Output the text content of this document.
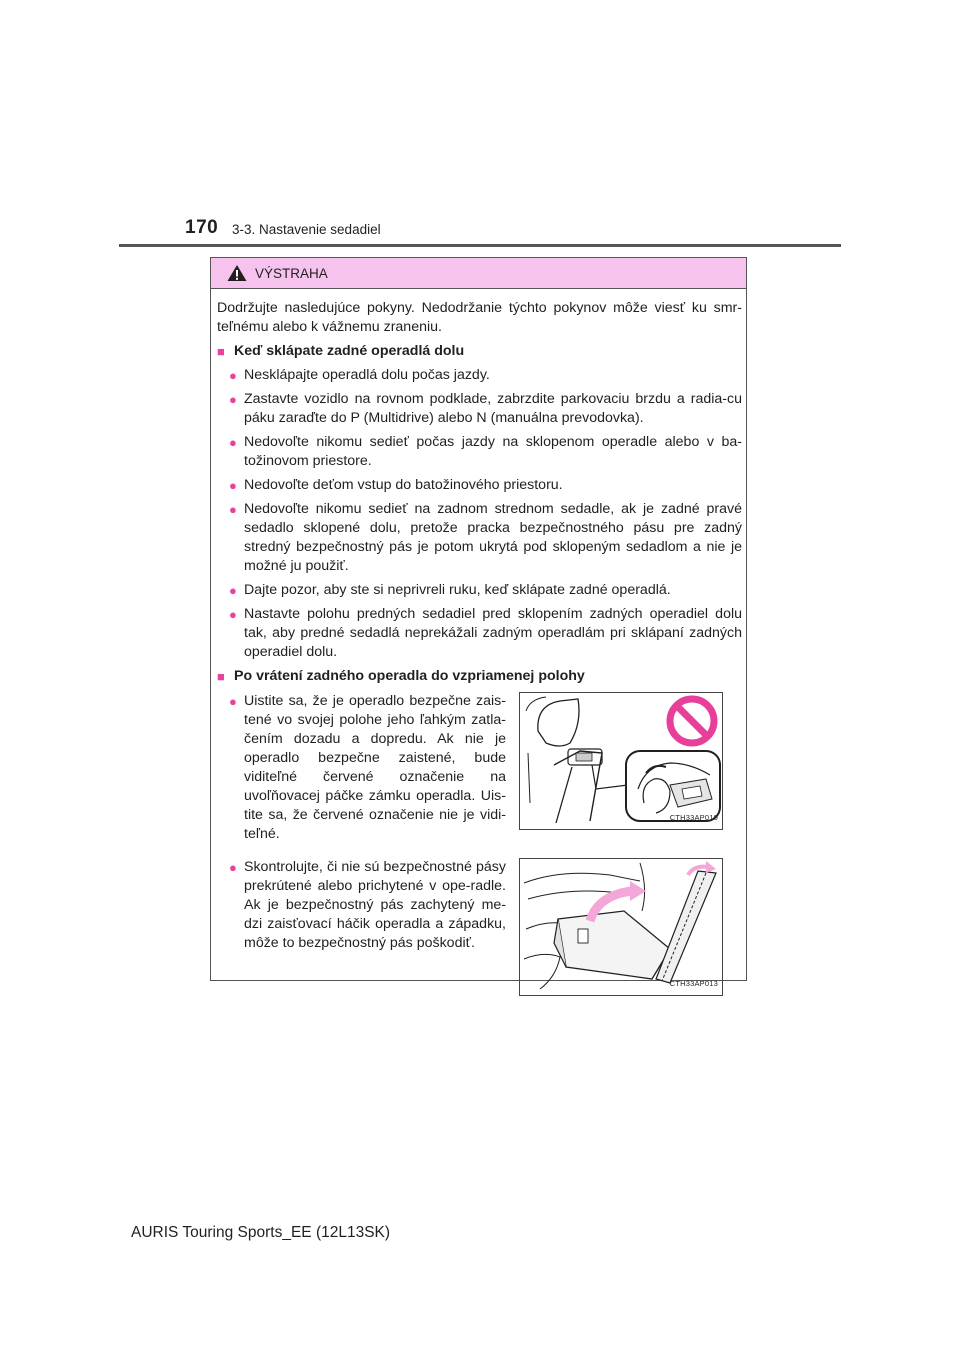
170 3-3. Nastavenie sedadiel
VÝSTRAHA

Dodržujte nasledujúce pokyny. Nedodržanie týchto pokynov môže viesť ku smr-teľnému alebo k vážnemu zraneniu.

■ Keď sklápate zadné operadlá dolu
● Nesklápajte operadlá dolu počas jazdy.
● Zastavte vozidlo na rovnom podklade, zabrzdite parkovaciu brzdu a radia-cu páku zaraďte do P (Multidrive) alebo N (manuálna prevodovka).
● Nedovoľte nikomu sedieť počas jazdy na sklopenom operadle alebo v ba-tožinovom priestore.
● Nedovoľte deťom vstup do batožinového priestoru.
● Nedovoľte nikomu sedieť na zadnom strednom sedadle, ak je zadné pravé sedadlo sklopené dolu, pretože pracka bezpečnostného pásu pre zadný stredný bezpečnostný pás je potom ukrytá pod sklopeným sedadlom a nie je možné ju použiť.
● Dajte pozor, aby ste si neprivreli ruku, keď sklápate zadné operadlá.
● Nastavte polohu predných sedadiel pred sklopením zadných operadiel dolu tak, aby predné sedadlá neprekážali zadným operadlám pri sklápaní zadných operadiel dolu.
■ Po vrátení zadného operadla do vzpriamenej polohy
● Uistite sa, že je operadlo bezpečne zais-tené vo svojej polohe jeho ľahkým zatla-čením dozadu a dopredu. Ak nie je operadlo bezpečne zaistené, bude viditeľné červené označenie na uvoľňovacej páčke zámku operadla. Uis-tite sa, že červené označenie nie je vidi-teľné.
CTH33AP010
● Skontrolujte, či nie sú bezpečnostné pásy prekrútené alebo prichytené v ope-radle. Ak je bezpečnostný pás zachytený me-dzi zaisťovací háčik operadla a západku, môže to bezpečnostný pás poškodiť.
CTH33AP013
AURIS Touring Sports_EE (12L13SK)
